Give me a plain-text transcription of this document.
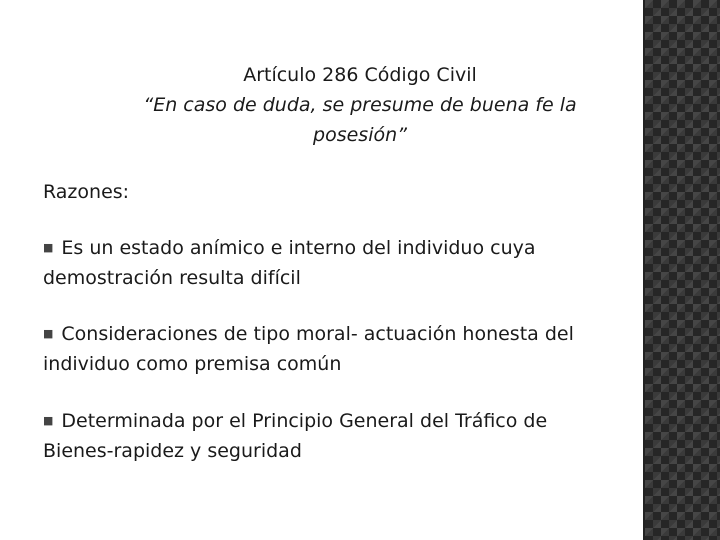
Artículo 286 Código Civil
“En caso de duda, se presume de buena fe la posesión”
Razones:
■ Es un estado anímico e interno del individuo cuya demostración resulta difícil
■ Consideraciones de tipo moral- actuación honesta del individuo como premisa común
■ Determinada por el Principio General del Tráfico de Bienes-rapidez y seguridad
